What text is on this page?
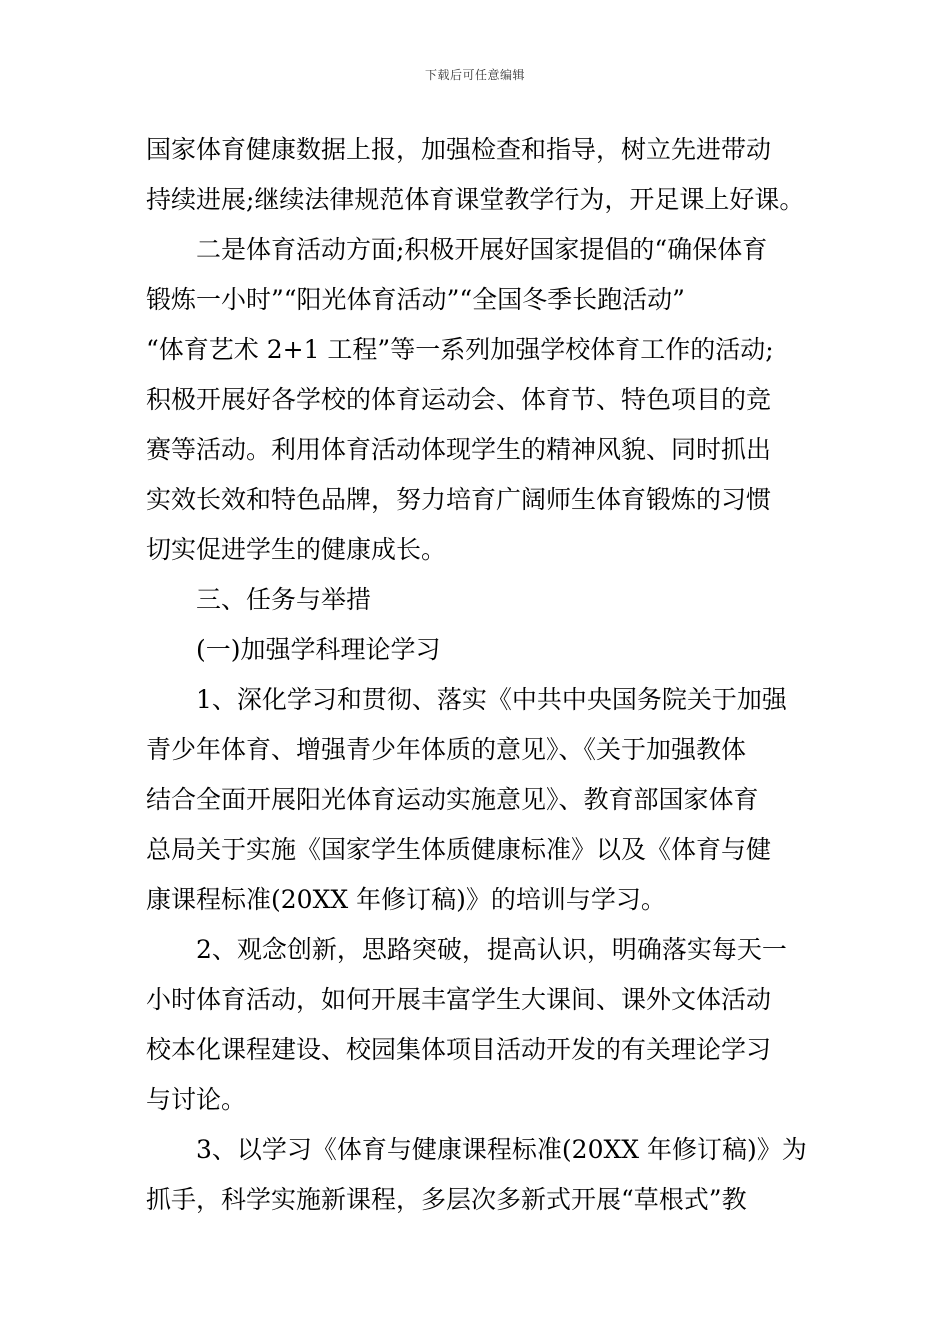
下载后可任意编辑
国家体育健康数据上报，加强检查和指导，树立先进带动
持续进展;继续法律规范体育课堂教学行为，开足课上好课。
二是体育活动方面;积极开展好国家提倡的“确保体育
锻炼一小时”“阳光体育活动”“全国冬季长跑活动”
“体育艺术 2+1 工程”等一系列加强学校体育工作的活动;
积极开展好各学校的体育运动会、体育节、特色项目的竞
赛等活动。利用体育活动体现学生的精神风貌、同时抓出
实效长效和特色品牌，努力培育广阔师生体育锻炼的习惯
切实促进学生的健康成长。
三、任务与举措
(一)加强学科理论学习
1、深化学习和贯彻、落实《中共中央国务院关于加强
青少年体育、增强青少年体质的意见》、《关于加强教体
结合全面开展阳光体育运动实施意见》、教育部国家体育
总局关于实施《国家学生体质健康标准》以及《体育与健
康课程标准(20XX 年修订稿)》的培训与学习。
2、观念创新，思路突破，提高认识，明确落实每天一
小时体育活动，如何开展丰富学生大课间、课外文体活动
校本化课程建设、校园集体项目活动开发的有关理论学习
与讨论。
3、以学习《体育与健康课程标准(20XX 年修订稿)》为
抓手，科学实施新课程，多层次多新式开展“草根式”教
